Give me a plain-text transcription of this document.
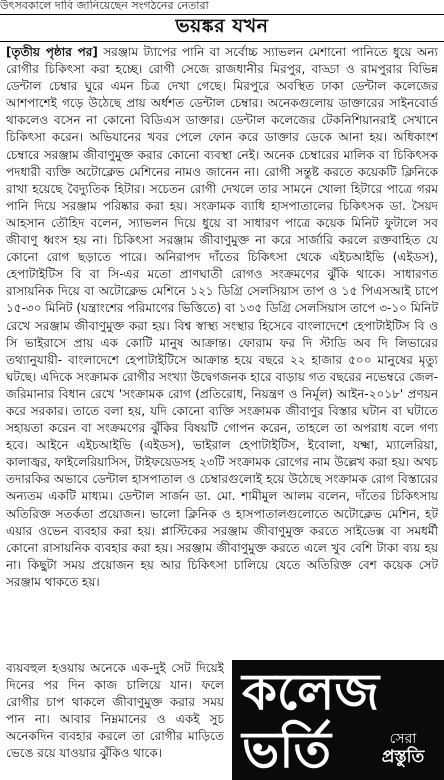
উৎসবকালে দাবি জানিয়েছেন সংগঠনের নেতারা
ভয়ঙ্কর যখন

[তৃতীয় পৃষ্ঠার পর] সরঞ্জাম ট্যাপের পানি বা সর্বোচ্চ স্যাভলন মেশানো পানিতে ধুয়ে অন্য রোগীর চিকিৎসা করা হচ্ছে। রোগী সেজে রাজধানীর মিরপুর, বাড্ডা ও রামপুরার বিভিন্ন ডেন্টাল চেম্বার ঘুরে এমন চিত্র দেখা গেছে। মিরপুরে অবস্থিত ঢাকা ডেন্টাল কলেজের আশপাশেই গড়ে উঠেছে প্রায় অর্ধশত ডেন্টাল চেম্বার। অনেকগুলোয় ডাক্তারের সাইনবোর্ড থাকলেও বসেন না কোনো বিডিএস ডাক্তার। ডেন্টাল কলেজের টেকনিশিয়ানরাই সেখানে চিকিৎসা করেন। অভিযানের খবর পেলে ফোন করে ডাক্তার ডেকে আনা হয়। অধিকাংশ চেম্বারে সরঞ্জাম জীবাণুমুক্ত করার কোনো ব্যবস্থা নেই। অনেক চেম্বারের মালিক বা চিকিৎসক পদধারী ব্যক্তি অটোক্লেভ মেশিনের নামও জানেন না। রোগী সন্তুষ্ট করতে কয়েকটি ক্লিনিকে রাখা হয়েছে বৈদ্যুতিক হিটার। সচেতন রোগী দেখলে তার সামনে খোলা হিটারে পাত্রে গরম পানি দিয়ে সরঞ্জাম পরিষ্কার করা হয়। সংক্রামক ব্যাধি হাসপাতালের চিকিৎসক ডা. সৈয়দ আহসান তৌহিদ বলেন, স্যাভলন দিয়ে ধুয়ে বা সাধারণ পাত্রে কয়েক মিনিট ফুটালে সব জীবাণু ধ্বংস হয় না। চিকিৎসা সরঞ্জাম জীবাণুমুক্ত না করে সার্জারি করলে রক্তবাহিত যে কোনো রোগ ছড়াতে পারে। অনিরাপদ দাঁতের চিকিৎসা থেকে এইচআইভি (এইডস), হেপাটাইটিস বি বা সি-এর মতো প্রাণঘাতী রোগও সংক্রমণের ঝুঁকি থাকে। সাধারণত রাসায়নিক দিয়ে বা অটোক্লেভ মেশিনে ১২১ ডিগ্রি সেলসিয়াস তাপ ও ১৫ পিএসআই চাপে ১৫-৩০ মিনিট (যন্ত্রাংশের পরিমাণের ভিত্তিতে) বা ১৩৫ ডিগ্রি সেলসিয়াস তাপে ৩-১০ মিনিট রেখে সরঞ্জাম জীবাণুমুক্ত করা হয়। বিশ্ব স্বাস্থ্য সংস্থার হিসেবে বাংলাদেশে হেপাটাইটিস বি ও সি ভাইরাসে প্রায় এক কোটি মানুষ আক্রান্ত। ফোরাম ফর দি স্টাডি অব দি লিভারের তথ্যানুযায়ী- বাংলাদেশে হেপাটাইটিসে আক্রান্ত হয়ে বছরে ২২ হাজার ৫০০ মানুষের মৃত্যু ঘটছে। এদিকে সংক্রামক রোগীর সংখ্যা উদ্বেগজনক হারে বাড়ায় গত বছরের নভেম্বরে জেল-জরিমানার বিধান রেখে 'সংক্রামক রোগ (প্রতিরোধ, নিয়ন্ত্রণ ও নির্মূল) আইন-২০১৮' প্রণয়ন করে সরকার। তাতে বলা হয়, যদি কোনো ব্যক্তি সংক্রামক জীবাণুর বিস্তার ঘটান বা ঘটাতে সহায়তা করেন বা সংক্রমণের ঝুঁকির বিষয়টি গোপন করেন, তাহলে তা অপরাধ বলে গণ্য হবে। আইনে এইচআইভি (এইডস), ভাইরাল হেপাটাইটিস, ইবোলা, যক্ষ্মা, ম্যালেরিয়া, কালাজ্বর, ফাইলেরিয়াসিস, টাইফয়েডসহ ২৩টি সংক্রামক রোগের নাম উল্লেখ করা হয়। অথচ তদারকির অভাবে ডেন্টাল হাসপাতাল ও চেম্বারগুলোই হয়ে উঠেছে সংক্রামক রোগ বিস্তারের অন্যতম একটি মাধ্যম। ডেন্টাল সার্জন ডা. মো. শামীমুল আলম বলেন, দাঁতের চিকিৎসায় অতিরিক্ত সতর্কতা প্রয়োজন। ভালো ক্লিনিক ও হাসপাতালগুলোতে অটোক্লেভ মেশিন, হট এয়ার ওভেন ব্যবহার করা হয়। প্লাস্টিকের সরঞ্জাম জীবাণুমুক্ত করতে সাইডেক্স বা সমধর্মী কোনো রাসায়নিক ব্যবহার করা হয়। সরঞ্জাম জীবাণুমুক্ত করতে এলে খুব বেশি টাকা ব্যয় হয় না। কিছুটা সময় প্রয়োজন হয় আর চিকিৎসা চালিয়ে যেতে অতিরিক্ত বেশ কয়েক সেট সরঞ্জাম থাকতে হয়।

ব্যয়বহুল হওয়ায় অনেকে এক-দুই সেট দিয়েই দিনের পর দিন কাজ চালিয়ে যান। ফলে রোগীর চাপ থাকলে জীবাণুমুক্ত করার সময় পান না। আবার নিম্নমানের ও একই সুচ অনেকদিন ব্যবহার করলে তা রোগীর মাড়িতে ভেঙে রয়ে যাওয়ার ঝুঁকিও থাকে।

কলেজ
ভর্তি	সেরা
প্রস্তুতি
